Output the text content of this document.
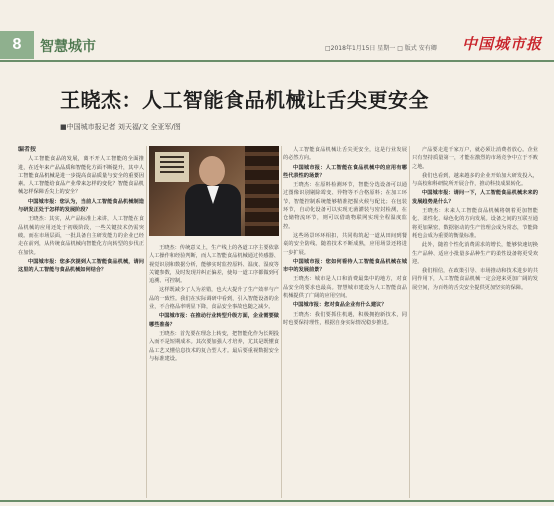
8	智慧城市	□2018年1月15日 星期一 □ 版式 安有卿 中国城市报
王晓杰：人工智能食品机械让舌尖更安全
■中国城市报记者 刘天福/文 全亚军/图

编者按

人工智能食品的发展，离不开人工智能的全面推进，在近年来产品品质和智能化方面不断提升，其中人工智能食品机械是进一步提高食品质量与安全的重要因素。人工智能给食品产业带来怎样的变化？智能食品机械怎样保障舌尖上的安全？

中国城市报：您认为，当前人工智能食品机械制造与研发正处于怎样的发展阶段？

王晓杰：其实，从产品标准上来讲，人工智能在食品机械的应用还处于初级阶段，一些关键技术仍需突破。而在市场层面，一批具备自主研发能力的企业已经走在前列，从传统食品机械向智能化方向转型的步伐正在加快。

中国城市报：您多次提到人工智能食品机械，请问这里的人工智能与食品机械如何结合？

王晓杰：传统意义上，生产线上的各道工序主要依靠人工操作和经验判断，而人工智能食品机械通过传感器、视觉识别和数据分析，能够实时监控原料、温度、湿度等关键参数，及时发现并纠正偏差，使每一道工序都做到可追溯、可控制。

这样既减少了人为差错，也大大提升了生产效率与产品的一致性。我们在实际调研中看到，引入智能设备的企业，不合格品率明显下降，食品安全事故也随之减少。

中国城市报：在推动行业转型升级方面，企业需要做哪些准备？

王晓杰：首先要在理念上转变，把智能化作为长期投入而不是短期成本。其次要加强人才培养，尤其是既懂食品工艺又懂信息技术的复合型人才。最后要重视数据安全与标准建设。

人工智能食品机械让舌尖更安全，这是行业发展的必然方向。

中国城市报：人工智能在食品机械中的应用有哪些代表性的场景？

王晓杰：在原料检测环节，智能分选设备可以通过图像识别剔除霉变、异物等不合格原料；在加工环节，智能控制系统能够精准把握火候与配比；在包装环节，自动化设备可以实现无菌灌装与密封检测，在仓储物流环节，则可以借助物联网实现全程温度监控。

这些场景环环相扣，共同构筑起一道从田间到餐桌的安全防线。随着技术不断成熟，应用场景还将进一步扩展。

中国城市报：您如何看待人工智能食品机械在城市中的发展前景？

王晓杰：城市是人口和消费最集中的地方，对食品安全的要求也最高。智慧城市建设为人工智能食品机械提供了广阔的应用空间。

中国城市报：您对食品企业有什么建议？

王晓杰：我们要抓住机遇，积极拥抱新技术，同时也要保持理性，根据自身实际情况稳步推进。

产品要走进千家万户，就必须让消费者放心。企业只有坚持质量第一，才能在激烈的市场竞争中立于不败之地。

我们也看到，越来越多的企业开始加大研发投入，与高校和科研院所开展合作，推动科技成果转化。

中国城市报：请问一下，人工智能食品机械未来的发展趋势是什么？

王晓杰：未来人工智能食品机械将朝着更加智能化、柔性化、绿色化的方向发展。设备之间的互联互通将更加紧密，数据驱动的生产管理会成为常态，节能降耗也会成为重要的衡量标准。

此外，随着个性化消费需求的增长，能够快速切换生产品种、适应小批量多品种生产的柔性设备将更受欢迎。

我们相信，在政策引导、市场推动和技术进步的共同作用下，人工智能食品机械一定会迎来更加广阔的发展空间，为百姓的舌尖安全提供更加坚实的保障。
